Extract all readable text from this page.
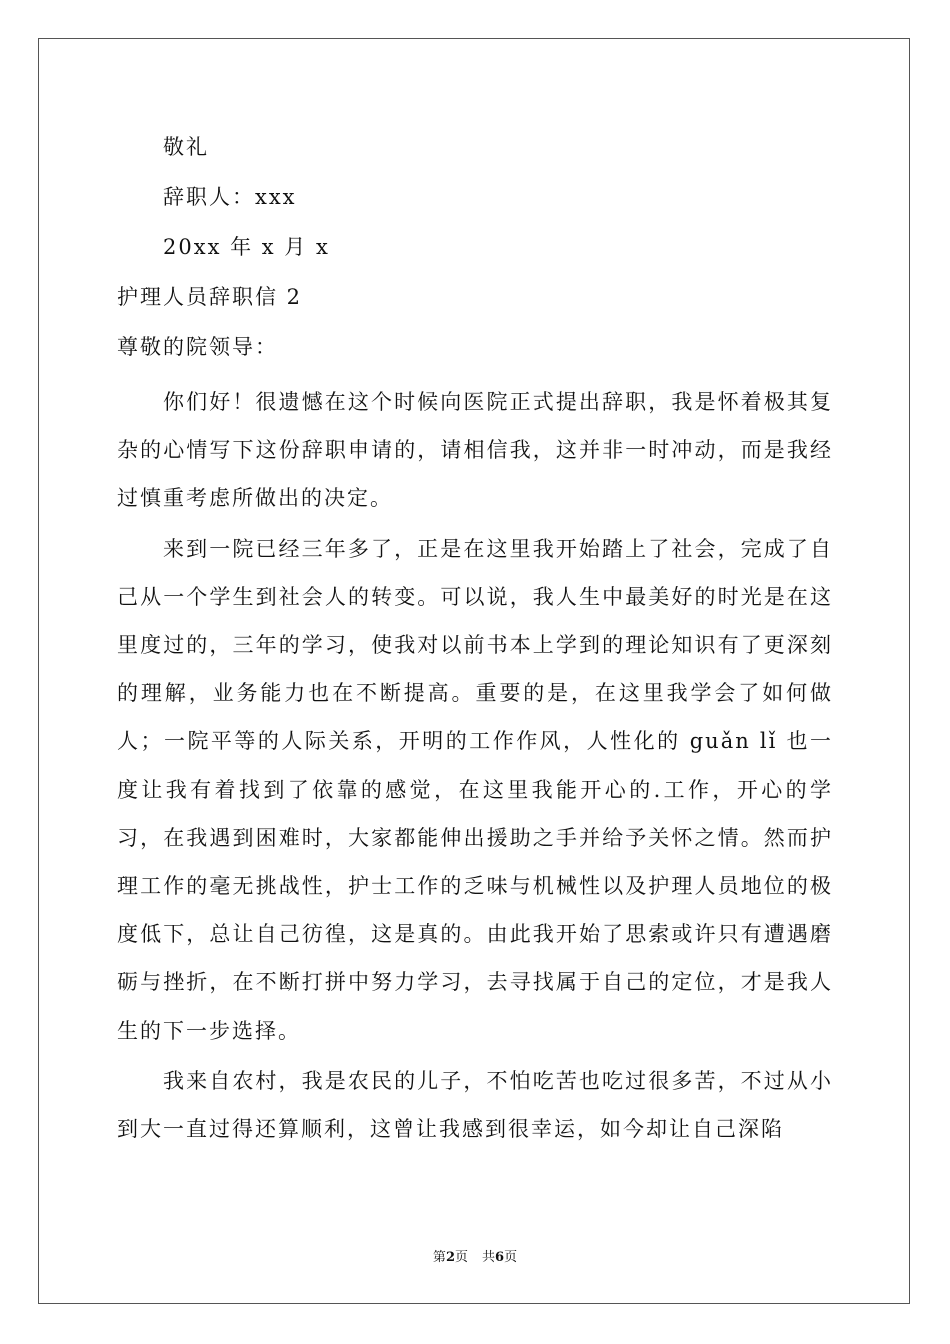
敬礼
辞职人：xxx
20xx 年 x 月 x
护理人员辞职信 2
尊敬的院领导：

你们好！很遗憾在这个时候向医院正式提出辞职，我是怀着极其复杂的心情写下这份辞职申请的，请相信我，这并非一时冲动，而是我经过慎重考虑所做出的决定。

来到一院已经三年多了，正是在这里我开始踏上了社会，完成了自己从一个学生到社会人的转变。可以说，我人生中最美好的时光是在这里度过的，三年的学习，使我对以前书本上学到的理论知识有了更深刻的理解，业务能力也在不断提高。重要的是，在这里我学会了如何做人；一院平等的人际关系，开明的工作作风，人性化的 guǎn lǐ 也一度让我有着找到了依靠的感觉，在这里我能开心的.工作，开心的学习，在我遇到困难时，大家都能伸出援助之手并给予关怀之情。然而护理工作的毫无挑战性，护士工作的乏味与机械性以及护理人员地位的极度低下，总让自己彷徨，这是真的。由此我开始了思索或许只有遭遇磨砺与挫折，在不断打拼中努力学习，去寻找属于自己的定位，才是我人生的下一步选择。

我来自农村，我是农民的儿子，不怕吃苦也吃过很多苦，不过从小到大一直过得还算顺利，这曾让我感到很幸运，如今却让自己深陷

第2页 共6页
